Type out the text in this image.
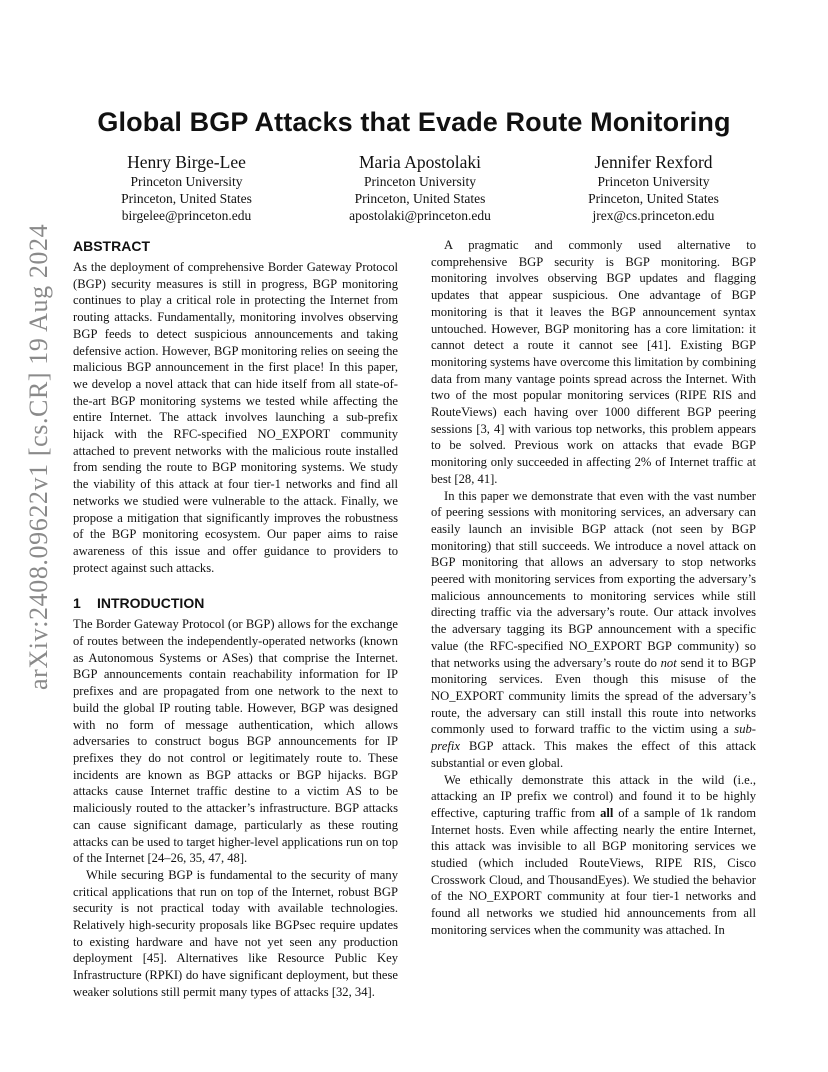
arXiv:2408.09622v1 [cs.CR] 19 Aug 2024
Global BGP Attacks that Evade Route Monitoring
Henry Birge-Lee
Princeton University
Princeton, United States
birgelee@princeton.edu
Maria Apostolaki
Princeton University
Princeton, United States
apostolaki@princeton.edu
Jennifer Rexford
Princeton University
Princeton, United States
jrex@cs.princeton.edu
ABSTRACT

As the deployment of comprehensive Border Gateway Protocol (BGP) security measures is still in progress, BGP monitoring continues to play a critical role in protecting the Internet from routing attacks. Fundamentally, monitoring involves observing BGP feeds to detect suspicious announcements and taking defensive action. However, BGP monitoring relies on seeing the malicious BGP announcement in the first place! In this paper, we develop a novel attack that can hide itself from all state-of-the-art BGP monitoring systems we tested while affecting the entire Internet. The attack involves launching a sub-prefix hijack with the RFC-specified NO_EXPORT community attached to prevent networks with the malicious route installed from sending the route to BGP monitoring systems. We study the viability of this attack at four tier-1 networks and find all networks we studied were vulnerable to the attack. Finally, we propose a mitigation that significantly improves the robustness of the BGP monitoring ecosystem. Our paper aims to raise awareness of this issue and offer guidance to providers to protect against such attacks.

1 INTRODUCTION

The Border Gateway Protocol (or BGP) allows for the exchange of routes between the independently-operated networks (known as Autonomous Systems or ASes) that comprise the Internet. BGP announcements contain reachability information for IP prefixes and are propagated from one network to the next to build the global IP routing table. However, BGP was designed with no form of message authentication, which allows adversaries to construct bogus BGP announcements for IP prefixes they do not control or legitimately route to. These incidents are known as BGP attacks or BGP hijacks. BGP attacks cause Internet traffic destine to a victim AS to be maliciously routed to the attacker’s infrastructure. BGP attacks can cause significant damage, particularly as these routing attacks can be used to target higher-level applications run on top of the Internet [24–26, 35, 47, 48].

While securing BGP is fundamental to the security of many critical applications that run on top of the Internet, robust BGP security is not practical today with available technologies. Relatively high-security proposals like BGPsec require updates to existing hardware and have not yet seen any production deployment [45]. Alternatives like Resource Public Key Infrastructure (RPKI) do have significant deployment, but these weaker solutions still permit many types of attacks [32, 34].

A pragmatic and commonly used alternative to comprehensive BGP security is BGP monitoring. BGP monitoring involves observing BGP updates and flagging updates that appear suspicious. One advantage of BGP monitoring is that it leaves the BGP announcement syntax untouched. However, BGP monitoring has a core limitation: it cannot detect a route it cannot see [41]. Existing BGP monitoring systems have overcome this limitation by combining data from many vantage points spread across the Internet. With two of the most popular monitoring services (RIPE RIS and RouteViews) each having over 1000 different BGP peering sessions [3, 4] with various top networks, this problem appears to be solved. Previous work on attacks that evade BGP monitoring only succeeded in affecting 2% of Internet traffic at best [28, 41].

In this paper we demonstrate that even with the vast number of peering sessions with monitoring services, an adversary can easily launch an invisible BGP attack (not seen by BGP monitoring) that still succeeds. We introduce a novel attack on BGP monitoring that allows an adversary to stop networks peered with monitoring services from exporting the adversary’s malicious announcements to monitoring services while still directing traffic via the adversary’s route. Our attack involves the adversary tagging its BGP announcement with a specific value (the RFC-specified NO_EXPORT BGP community) so that networks using the adversary’s route do not send it to BGP monitoring services. Even though this misuse of the NO_EXPORT community limits the spread of the adversary’s route, the adversary can still install this route into networks commonly used to forward traffic to the victim using a sub-prefix BGP attack. This makes the effect of this attack substantial or even global.

We ethically demonstrate this attack in the wild (i.e., attacking an IP prefix we control) and found it to be highly effective, capturing traffic from all of a sample of 1k random Internet hosts. Even while affecting nearly the entire Internet, this attack was invisible to all BGP monitoring services we studied (which included RouteViews, RIPE RIS, Cisco Crosswork Cloud, and ThousandEyes). We studied the behavior of the NO_EXPORT community at four tier-1 networks and found all networks we studied hid announcements from all monitoring services when the community was attached. In
